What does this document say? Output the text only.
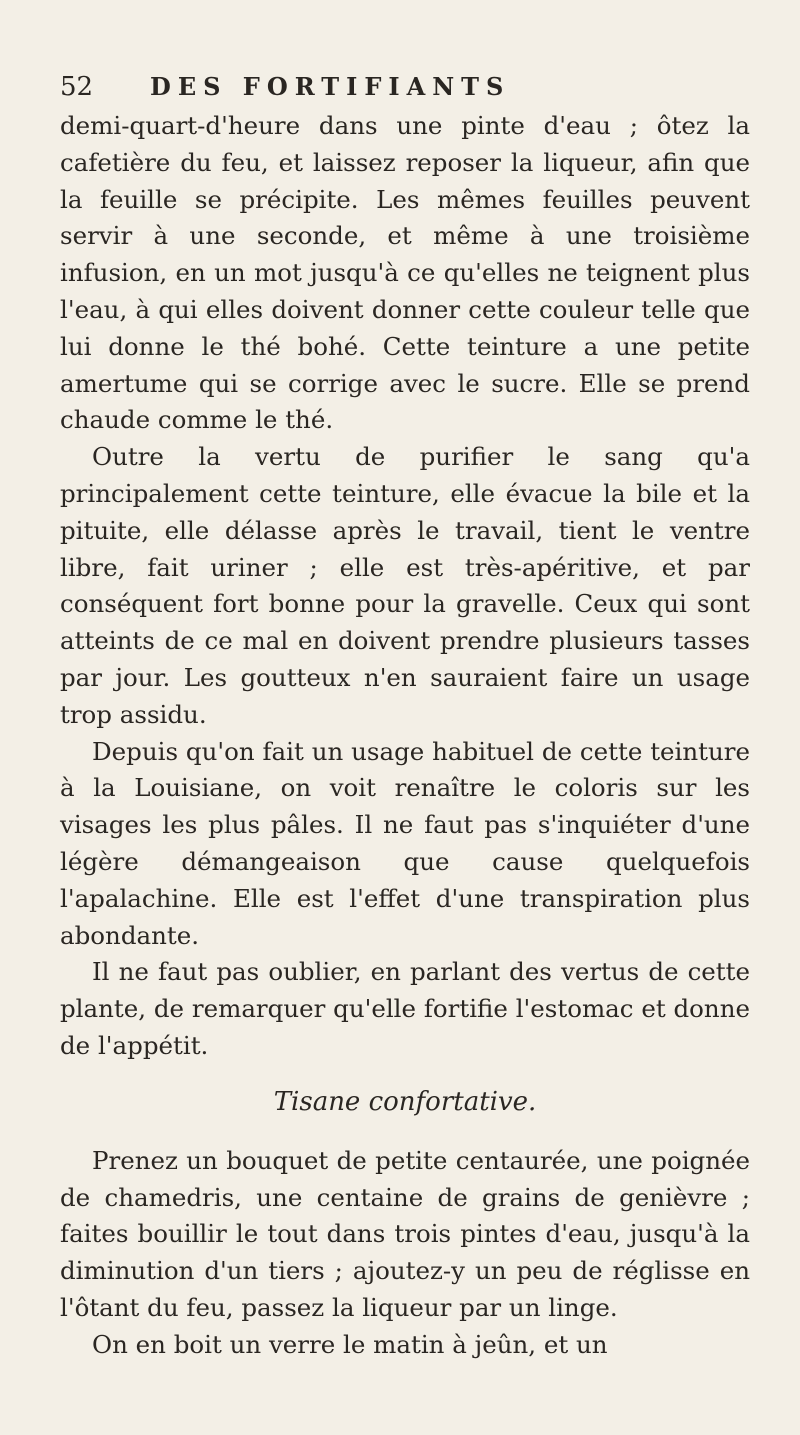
52	DES FORTIFIANTS

demi-quart-d'heure dans une pinte d'eau ; ôtez la cafetière du feu, et laissez reposer la liqueur, afin que la feuille se précipite. Les mêmes feuilles peuvent servir à une seconde, et même à une troisième infusion, en un mot jusqu'à ce qu'elles ne teignent plus l'eau, à qui elles doivent donner cette couleur telle que lui donne le thé bohé. Cette teinture a une petite amertume qui se corrige avec le sucre. Elle se prend chaude comme le thé.

Outre la vertu de purifier le sang qu'a principalement cette teinture, elle évacue la bile et la pituite, elle délasse après le travail, tient le ventre libre, fait uriner ; elle est très-apéritive, et par conséquent fort bonne pour la gravelle. Ceux qui sont atteints de ce mal en doivent prendre plusieurs tasses par jour. Les goutteux n'en sauraient faire un usage trop assidu.

Depuis qu'on fait un usage habituel de cette teinture à la Louisiane, on voit renaître le coloris sur les visages les plus pâles. Il ne faut pas s'inquiéter d'une légère démangeaison que cause quelquefois l'apalachine. Elle est l'effet d'une transpiration plus abondante.

Il ne faut pas oublier, en parlant des vertus de cette plante, de remarquer qu'elle fortifie l'estomac et donne de l'appétit.

Tisane confortative.

Prenez un bouquet de petite centaurée, une poignée de chamedris, une centaine de grains de genièvre ; faites bouillir le tout dans trois pintes d'eau, jusqu'à la diminution d'un tiers ; ajoutez-y un peu de réglisse en l'ôtant du feu, passez la liqueur par un linge.

On en boit un verre le matin à jeûn, et un
